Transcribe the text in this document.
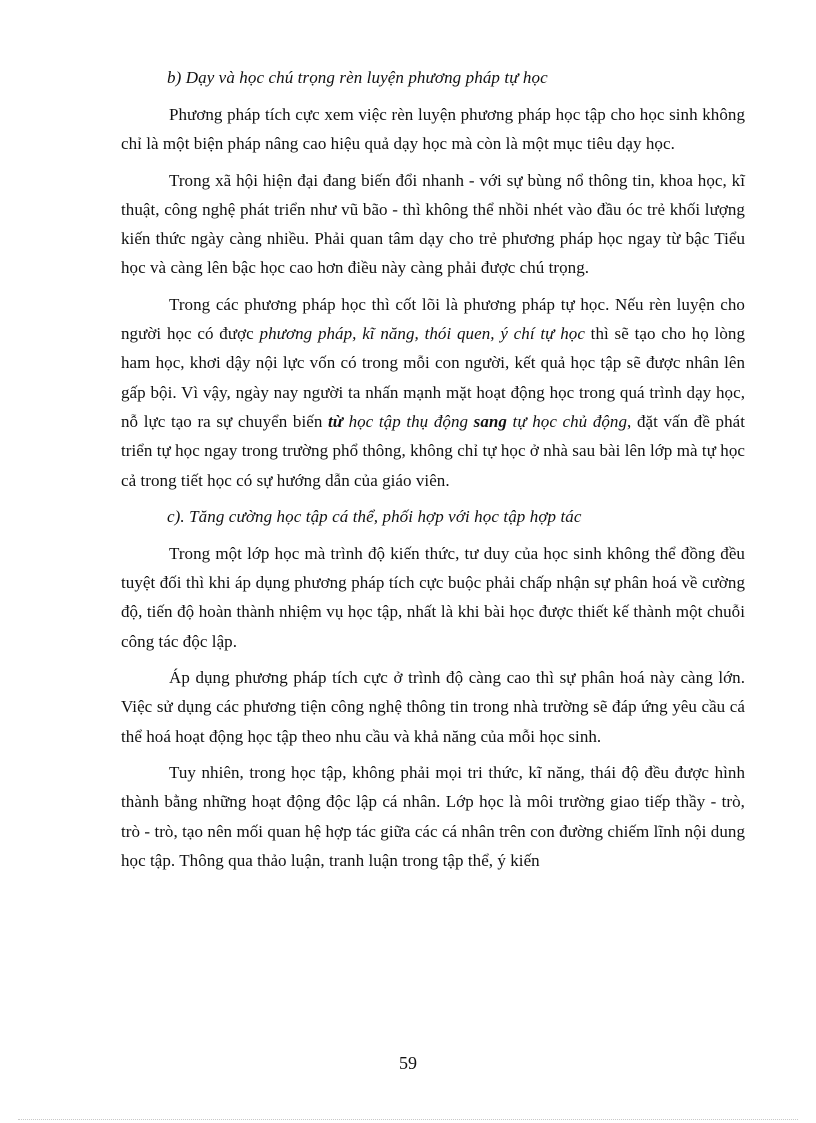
b) Dạy và học chú trọng rèn luyện phương pháp tự học

Phương pháp tích cực xem việc rèn luyện phương pháp học tập cho học sinh không chỉ là một biện pháp nâng cao hiệu quả dạy học mà còn là một mục tiêu dạy học.

Trong xã hội hiện đại đang biến đổi nhanh - với sự bùng nổ thông tin, khoa học, kĩ thuật, công nghệ phát triển như vũ bão - thì không thể nhồi nhét vào đầu óc trẻ khối lượng kiến thức ngày càng nhiều. Phải quan tâm dạy cho trẻ phương pháp học ngay từ bậc Tiểu học và càng lên bậc học cao hơn điều này càng phải được chú trọng.

Trong các phương pháp học thì cốt lõi là phương pháp tự học. Nếu rèn luyện cho người học có được phương pháp, kĩ năng, thói quen, ý chí tự học thì sẽ tạo cho họ lòng ham học, khơi dậy nội lực vốn có trong mỗi con người, kết quả học tập sẽ được nhân lên gấp bội. Vì vậy, ngày nay người ta nhấn mạnh mặt hoạt động học trong quá trình dạy học, nỗ lực tạo ra sự chuyển biến từ học tập thụ động sang tự học chủ động, đặt vấn đề phát triển tự học ngay trong trường phổ thông, không chỉ tự học ở nhà sau bài lên lớp mà tự học cả trong tiết học có sự hướng dẫn của giáo viên.

c). Tăng cường học tập cá thể, phối hợp với học tập hợp tác

Trong một lớp học mà trình độ kiến thức, tư duy của học sinh không thể đồng đều tuyệt đối thì khi áp dụng phương pháp tích cực buộc phải chấp nhận sự phân hoá về cường độ, tiến độ hoàn thành nhiệm vụ học tập, nhất là khi bài học được thiết kế thành một chuỗi công tác độc lập.

Áp dụng phương pháp tích cực ở trình độ càng cao thì sự phân hoá này càng lớn. Việc sử dụng các phương tiện công nghệ thông tin trong nhà trường sẽ đáp ứng yêu cầu cá thể hoá hoạt động học tập theo nhu cầu và khả năng của mỗi học sinh.

Tuy nhiên, trong học tập, không phải mọi tri thức, kĩ năng, thái độ đều được hình thành bằng những hoạt động độc lập cá nhân. Lớp học là môi trường giao tiếp thầy - trò, trò - trò, tạo nên mối quan hệ hợp tác giữa các cá nhân trên con đường chiếm lĩnh nội dung học tập. Thông qua thảo luận, tranh luận trong tập thể, ý kiến

59
